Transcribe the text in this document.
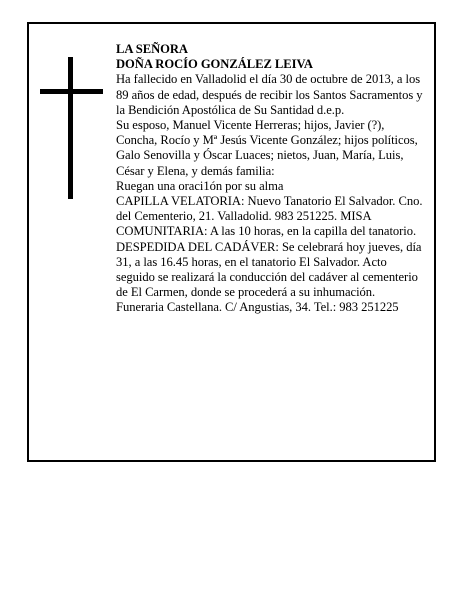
LA SEÑORA

DOÑA ROCÍO GONZÁLEZ LEIVA

Ha fallecido en Valladolid el día 30 de octubre de 2013, a los 89 años de edad, después de recibir los Santos Sacramentos y la Bendición Apostólica de Su Santidad d.e.p.

Su esposo, Manuel Vicente Herreras; hijos, Javier (?), Concha, Rocío y Mª Jesús Vicente González; hijos políticos, Galo Senovilla y Óscar Luaces; nietos, Juan, María, Luis, César y Elena, y demás familia:

Ruegan una oraci1ón por su alma

CAPILLA VELATORIA: Nuevo Tanatorio El Salvador. Cno. del Cementerio, 21. Valladolid. 983 251225. MISA COMUNITARIA: A las 10 horas, en la capilla del tanatorio.

DESPEDIDA DEL CADÁVER: Se celebrará hoy jueves, día 31, a las 16.45 horas, en el tanatorio El Salvador. Acto seguido se realizará la conducción del cadáver al cementerio de El Carmen, donde se procederá a su inhumación.

Funeraria Castellana. C/ Angustias, 34. Tel.: 983 251225
